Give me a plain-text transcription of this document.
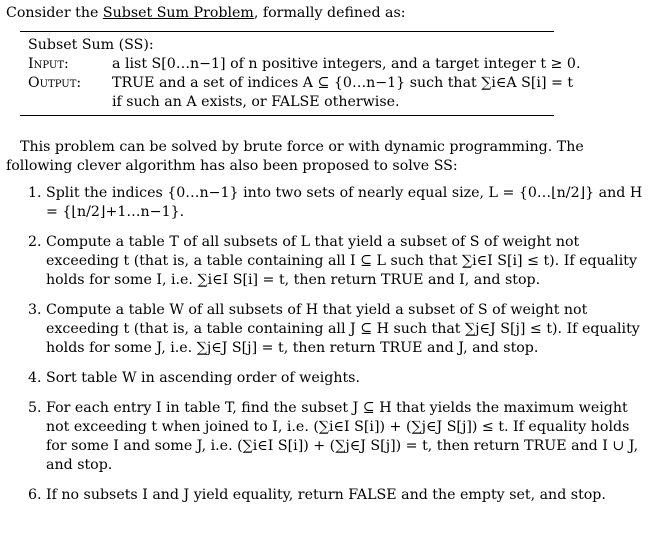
Consider the Subset Sum Problem, formally defined as:

Subset Sum (SS):
Input:	a list S[0…n−1] of n positive integers, and a target integer t ≥ 0.
Output: TRUE and a set of indices A ⊆ {0…n−1} such that ∑i∈A S[i] = t
if such an A exists, or FALSE otherwise.

This problem can be solved by brute force or with dynamic programming. The following clever algorithm has also been proposed to solve SS:

1. Split the indices {0…n−1} into two sets of nearly equal size, L = {0…⌊n/2⌋} and H = {⌊n/2⌋+1…n−1}.
2. Compute a table T of all subsets of L that yield a subset of S of weight not exceeding t (that is, a table containing all I ⊆ L such that ∑i∈I S[i] ≤ t). If equality holds for some I, i.e. ∑i∈I S[i] = t, then return TRUE and I, and stop.
3. Compute a table W of all subsets of H that yield a subset of S of weight not exceeding t (that is, a table containing all J ⊆ H such that ∑j∈J S[j] ≤ t). If equality holds for some J, i.e. ∑j∈J S[j] = t, then return TRUE and J, and stop.
4. Sort table W in ascending order of weights.
5. For each entry I in table T, find the subset J ⊆ H that yields the maximum weight not exceeding t when joined to I, i.e. (∑i∈I S[i]) + (∑j∈J S[j]) ≤ t. If equality holds for some I and some J, i.e. (∑i∈I S[i]) + (∑j∈J S[j]) = t, then return TRUE and I ∪ J, and stop.
6. If no subsets I and J yield equality, return FALSE and the empty set, and stop.
